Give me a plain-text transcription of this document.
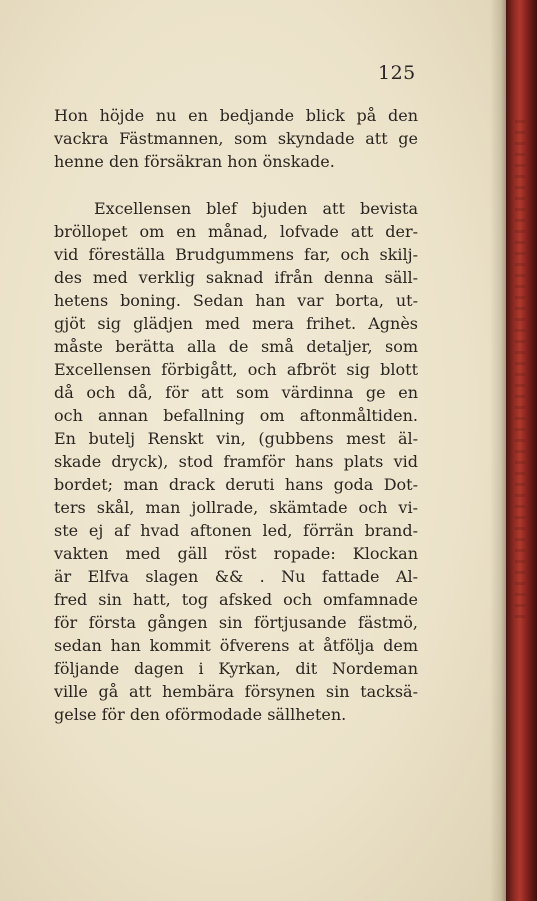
125
Hon höjde nu en bedjande blick på den
vackra Fästmannen, som skyndade att ge
henne den försäkran hon önskade.
Excellensen blef bjuden att bevista
bröllopet om en månad, lofvade att der-
vid föreställa Brudgummens far, och skilj-
des med verklig saknad ifrån denna säll-
hetens boning. Sedan han var borta, ut-
gjöt sig glädjen med mera frihet. Agnès
måste berätta alla de små detaljer, som
Excellensen förbigått, och afbröt sig blott
då och då, för att som värdinna ge en
och annan befallning om aftonmåltiden.
En butelj Renskt vin, (gubbens mest äl-
skade dryck), stod framför hans plats vid
bordet; man drack deruti hans goda Dot-
ters skål, man jollrade, skämtade och vi-
ste ej af hvad aftonen led, förrän brand-
vakten med gäll röst ropade: Klockan
är Elfva slagen && . Nu fattade Al-
fred sin hatt, tog afsked och omfamnade
för första gången sin förtjusande fästmö,
sedan han kommit öfverens at åtfölja dem
följande dagen i Kyrkan, dit Nordeman
ville gå att hembära försynen sin tacksä-
gelse för den oförmodade sällheten.
